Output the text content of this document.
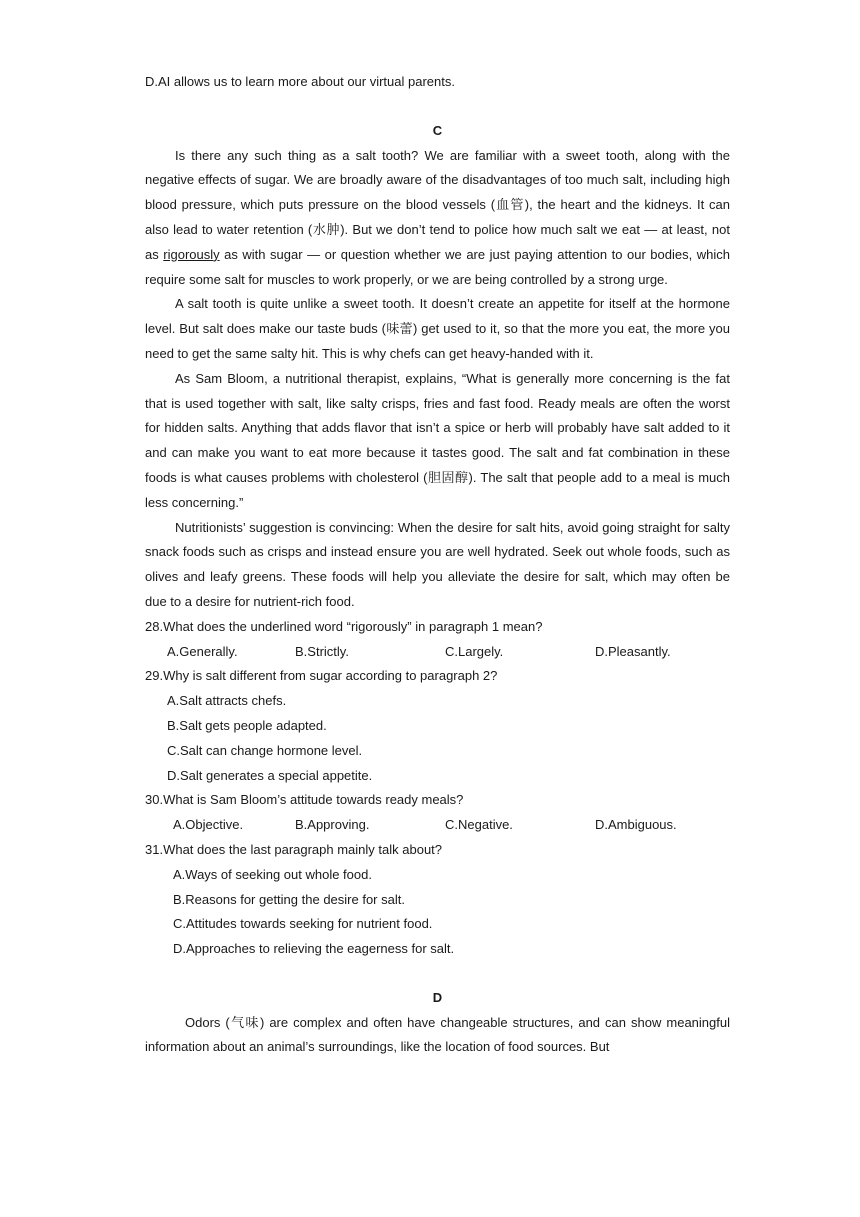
D.AI allows us to learn more about our virtual parents.

C

Is there any such thing as a salt tooth? We are familiar with a sweet tooth, along with the negative effects of sugar. We are broadly aware of the disadvantages of too much salt, including high blood pressure, which puts pressure on the blood vessels (血管), the heart and the kidneys. It can also lead to water retention (水肿). But we don’t tend to police how much salt we eat — at least, not as rigorously as with sugar — or question whether we are just paying attention to our bodies, which require some salt for muscles to work properly, or we are being controlled by a strong urge.

A salt tooth is quite unlike a sweet tooth. It doesn’t create an appetite for itself at the hormone level. But salt does make our taste buds (味蕾) get used to it, so that the more you eat, the more you need to get the same salty hit. This is why chefs can get heavy-handed with it.

As Sam Bloom, a nutritional therapist, explains, “What is generally more concerning is the fat that is used together with salt, like salty crisps, fries and fast food. Ready meals are often the worst for hidden salts. Anything that adds flavor that isn’t a spice or herb will probably have salt added to it and can make you want to eat more because it tastes good. The salt and fat combination in these foods is what causes problems with cholesterol (胆固醇). The salt that people add to a meal is much less concerning.”

Nutritionists’ suggestion is convincing: When the desire for salt hits, avoid going straight for salty snack foods such as crisps and instead ensure you are well hydrated. Seek out whole foods, such as olives and leafy greens. These foods will help you alleviate the desire for salt, which may often be due to a desire for nutrient-rich food.

28.What does the underlined word “rigorously” in paragraph 1 mean?

A.Generally.	B.Strictly.	C.Largely.	D.Pleasantly.

29.Why is salt different from sugar according to paragraph 2?

A.Salt attracts chefs.

B.Salt gets people adapted.

C.Salt can change hormone level.

D.Salt generates a special appetite.

30.What is Sam Bloom’s attitude towards ready meals?

A.Objective.	B.Approving.	C.Negative.	D.Ambiguous.

31.What does the last paragraph mainly talk about?

A.Ways of seeking out whole food.

B.Reasons for getting the desire for salt.

C.Attitudes towards seeking for nutrient food.

D.Approaches to relieving the eagerness for salt.

D

Odors (气味) are complex and often have changeable structures, and can show meaningful information about an animal’s surroundings, like the location of food sources. But
